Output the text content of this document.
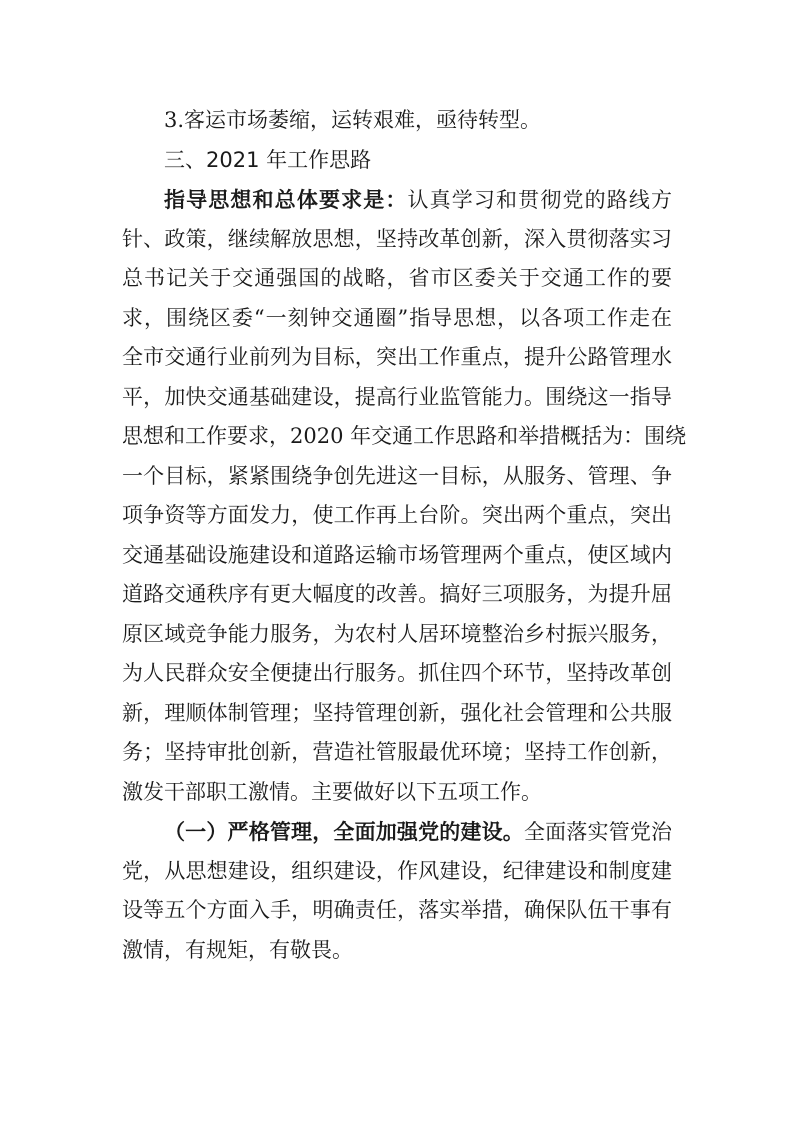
3.客运市场萎缩，运转艰难，亟待转型。
三、2021 年工作思路
指导思想和总体要求是：认真学习和贯彻党的路线方
针、政策，继续解放思想，坚持改革创新，深入贯彻落实习
总书记关于交通强国的战略，省市区委关于交通工作的要
求，围绕区委“一刻钟交通圈”指导思想，以各项工作走在
全市交通行业前列为目标，突出工作重点，提升公路管理水
平，加快交通基础建设，提高行业监管能力。围绕这一指导
思想和工作要求，2020 年交通工作思路和举措概括为：围绕
一个目标，紧紧围绕争创先进这一目标，从服务、管理、争
项争资等方面发力，使工作再上台阶。突出两个重点，突出
交通基础设施建设和道路运输市场管理两个重点，使区域内
道路交通秩序有更大幅度的改善。搞好三项服务，为提升屈
原区域竞争能力服务，为农村人居环境整治乡村振兴服务，
为人民群众安全便捷出行服务。抓住四个环节，坚持改革创
新，理顺体制管理；坚持管理创新，强化社会管理和公共服
务；坚持审批创新，营造社管服最优环境；坚持工作创新，
激发干部职工激情。主要做好以下五项工作。
（一）严格管理，全面加强党的建设。全面落实管党治
党，从思想建设，组织建设，作风建设，纪律建设和制度建
设等五个方面入手，明确责任，落实举措，确保队伍干事有
激情，有规矩，有敬畏。
